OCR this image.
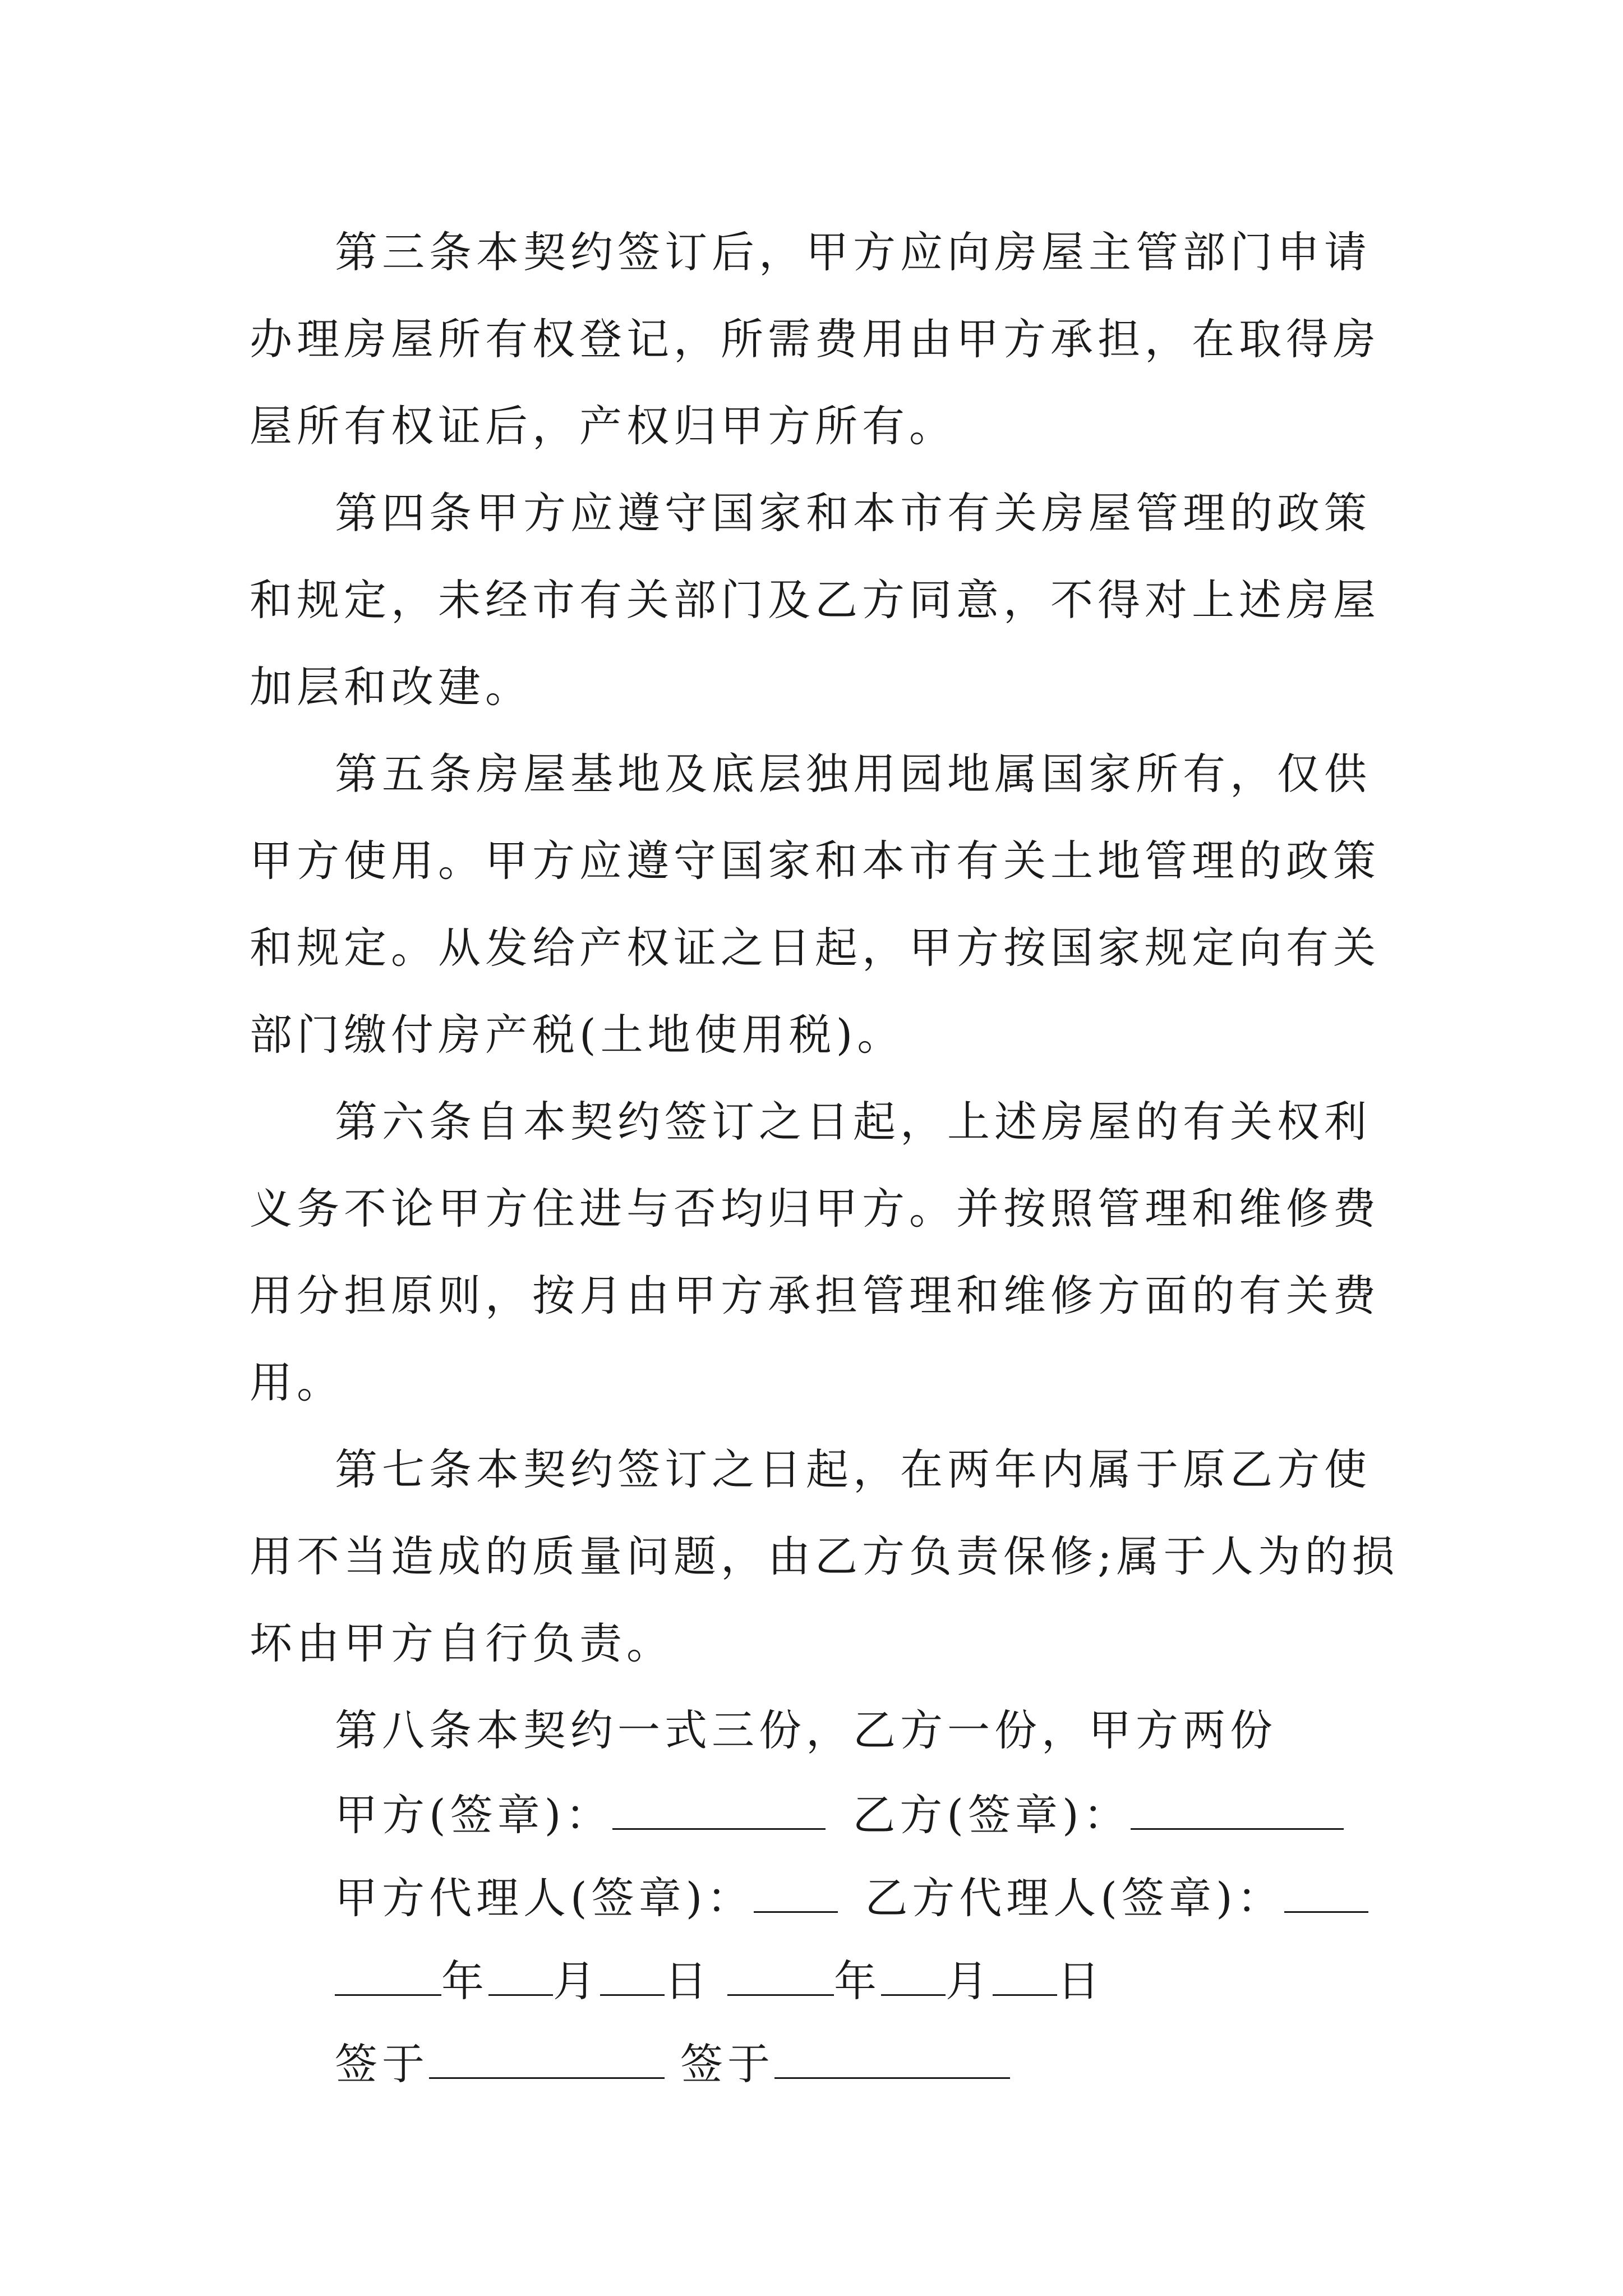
第三条本契约签订后，甲方应向房屋主管部门申请办理房屋所有权登记，所需费用由甲方承担，在取得房屋所有权证后，产权归甲方所有。

第四条甲方应遵守国家和本市有关房屋管理的政策和规定，未经市有关部门及乙方同意，不得对上述房屋加层和改建。

第五条房屋基地及底层独用园地属国家所有，仅供甲方使用。甲方应遵守国家和本市有关土地管理的政策和规定。从发给产权证之日起，甲方按国家规定向有关部门缴付房产税(土地使用税)。

第六条自本契约签订之日起，上述房屋的有关权利义务不论甲方住进与否均归甲方。并按照管理和维修费用分担原则，按月由甲方承担管理和维修方面的有关费用。

第七条本契约签订之日起，在两年内属于原乙方使用不当造成的质量问题，由乙方负责保修;属于人为的损坏由甲方自行负责。

第八条本契约一式三份，乙方一份，甲方两份

甲方(签章)：	乙方(签章)：
甲方代理人(签章)：	乙方代理人(签章)：
年 月 日	年 月 日
签于	签于
